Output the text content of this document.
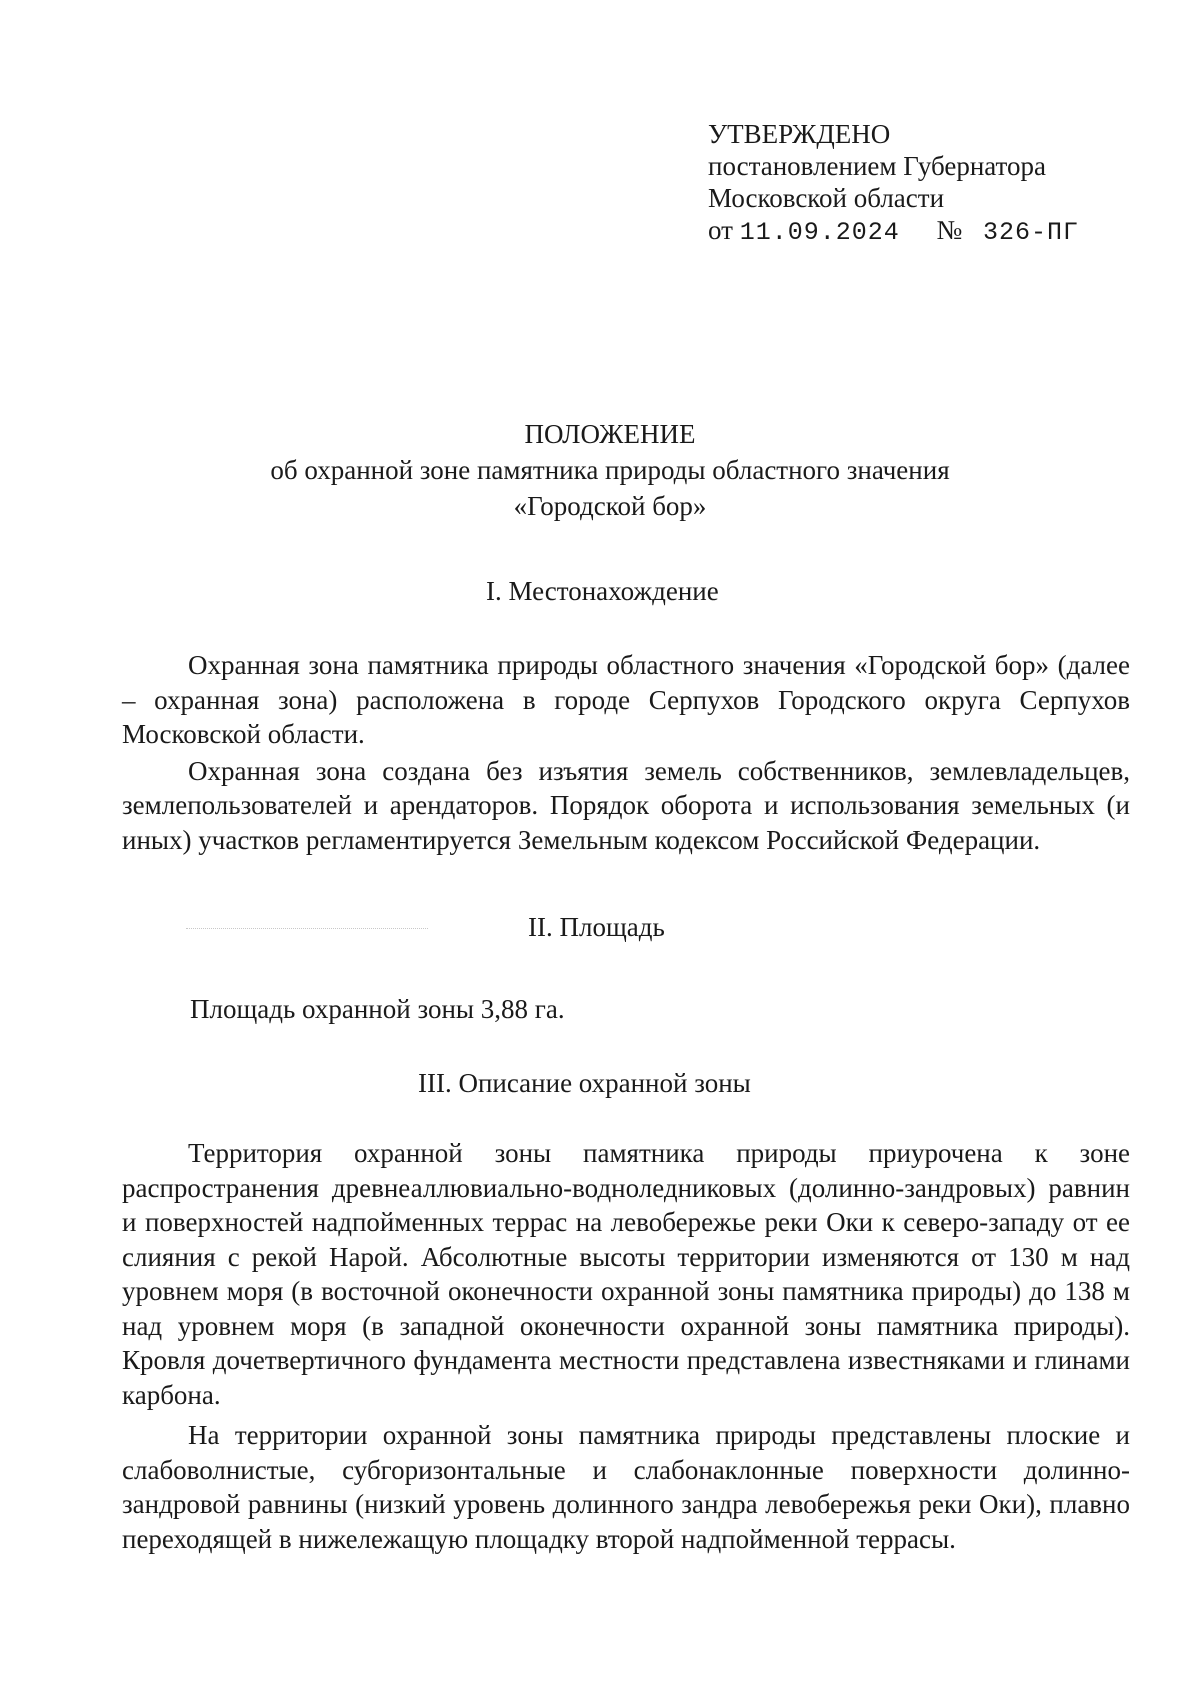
УТВЕРЖДЕНО
постановлением Губернатора
Московской области
от 11.09.2024 № 326-ПГ
ПОЛОЖЕНИЕ
об охранной зоне памятника природы областного значения
«Городской бор»
I. Местонахождение

Охранная зона памятника природы областного значения «Городской бор» (далее – охранная зона) расположена в городе Серпухов Городского округа Серпухов Московской области.

Охранная зона создана без изъятия земель собственников, землевладельцев, землепользователей и арендаторов. Порядок оборота и использования земельных (и иных) участков регламентируется Земельным кодексом Российской Федерации.

II. Площадь
Площадь охранной зоны 3,88 га.
III. Описание охранной зоны

Территория охранной зоны памятника природы приурочена к зоне распространения древнеаллювиально-водноледниковых (долинно-зандровых) равнин и поверхностей надпойменных террас на левобережье реки Оки к северо-западу от ее слияния с рекой Нарой. Абсолютные высоты территории изменяются от 130 м над уровнем моря (в восточной оконечности охранной зоны памятника природы) до 138 м над уровнем моря (в западной оконечности охранной зоны памятника природы). Кровля дочетвертичного фундамента местности представлена известняками и глинами карбона.

На территории охранной зоны памятника природы представлены плоские и слабоволнистые, субгоризонтальные и слабонаклонные поверхности долинно-зандровой равнины (низкий уровень долинного зандра левобережья реки Оки), плавно переходящей в нижележащую площадку второй надпойменной террасы.
